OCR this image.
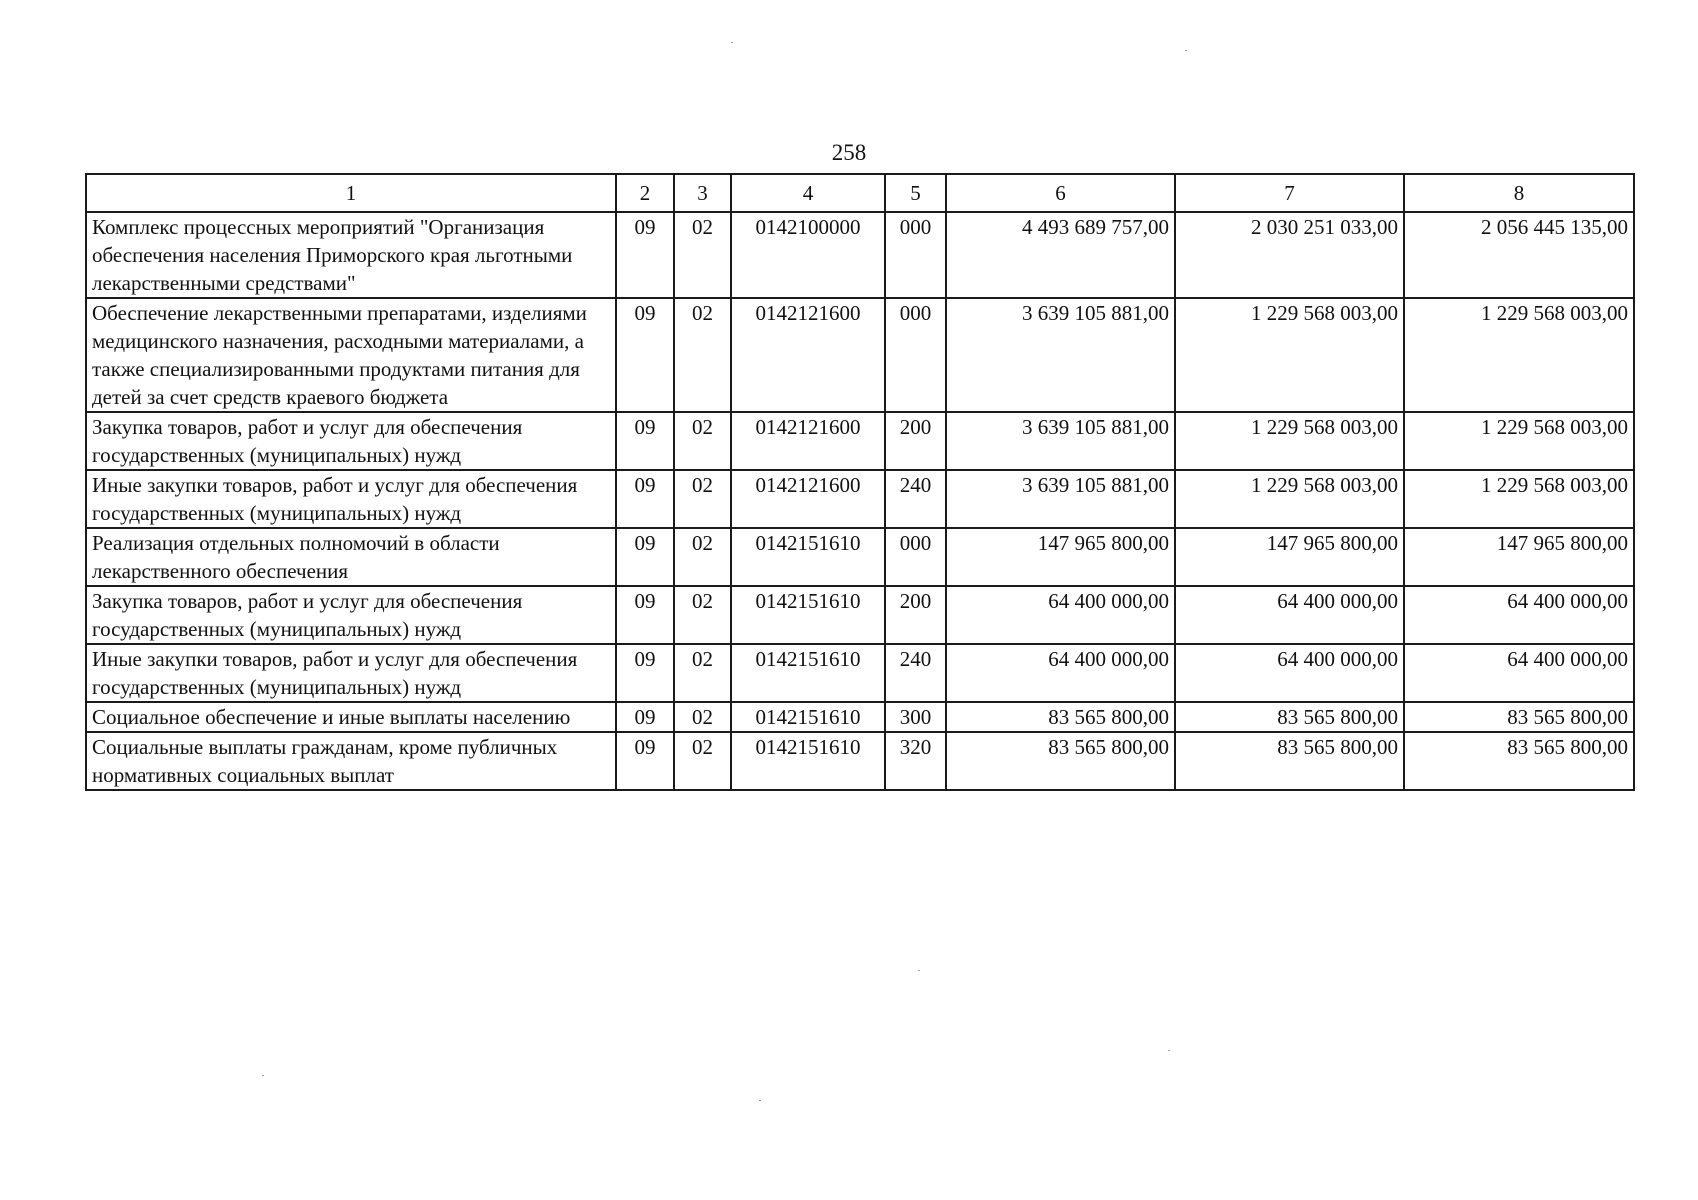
258
1	2	3	4	5	6	7	8
Комплекс процессных мероприятий "Организация обеспечения населения Приморского края льготными лекарственными средствами"	09	02	0142100000	000	4 493 689 757,00	2 030 251 033,00	2 056 445 135,00
Обеспечение лекарственными препаратами, изделиями медицинского назначения, расходными материалами, а также специализированными продуктами питания для детей за счет средств краевого бюджета	09	02	0142121600	000	3 639 105 881,00	1 229 568 003,00	1 229 568 003,00
Закупка товаров, работ и услуг для обеспечения государственных (муниципальных) нужд	09	02	0142121600	200	3 639 105 881,00	1 229 568 003,00	1 229 568 003,00
Иные закупки товаров, работ и услуг для обеспечения государственных (муниципальных) нужд	09	02	0142121600	240	3 639 105 881,00	1 229 568 003,00	1 229 568 003,00
Реализация отдельных полномочий в области лекарственного обеспечения	09	02	0142151610	000	147 965 800,00	147 965 800,00	147 965 800,00
Закупка товаров, работ и услуг для обеспечения государственных (муниципальных) нужд	09	02	0142151610	200	64 400 000,00	64 400 000,00	64 400 000,00
Иные закупки товаров, работ и услуг для обеспечения государственных (муниципальных) нужд	09	02	0142151610	240	64 400 000,00	64 400 000,00	64 400 000,00
Социальное обеспечение и иные выплаты населению	09	02	0142151610	300	83 565 800,00	83 565 800,00	83 565 800,00
Социальные выплаты гражданам, кроме публичных нормативных социальных выплат	09	02	0142151610	320	83 565 800,00	83 565 800,00	83 565 800,00
